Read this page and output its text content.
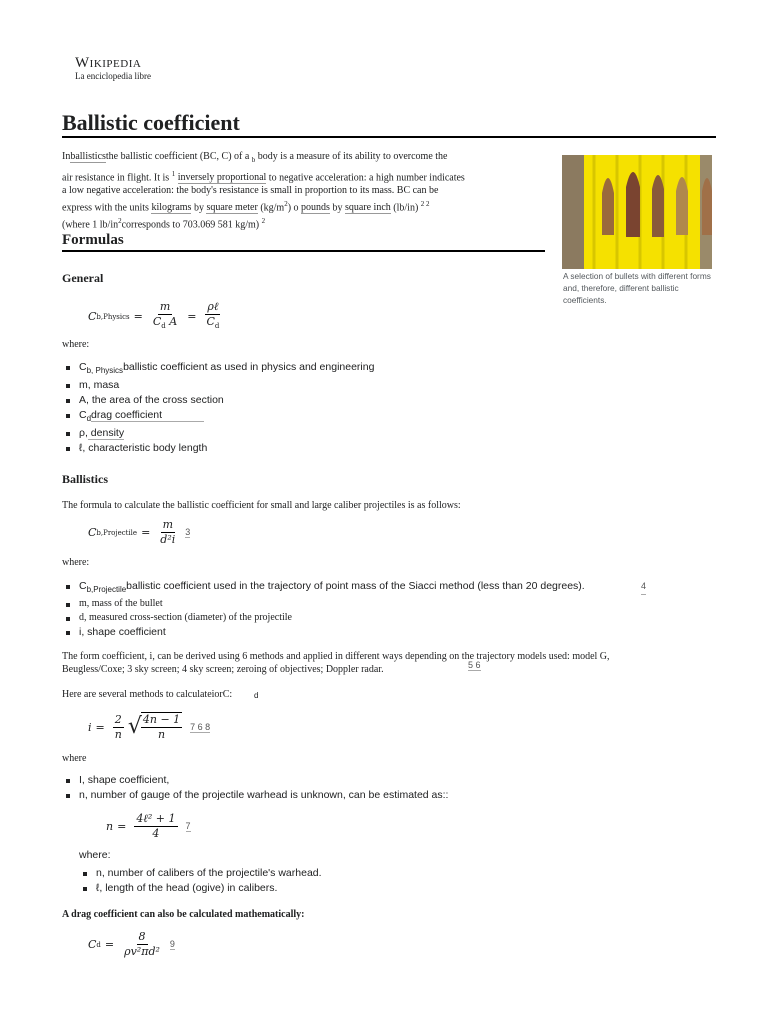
Wikipedia
La enciclopedia libre
Ballistic coefficient
Inballisticsthe ballistic coefficient (BC, C) of a $_b$ body is a measure of its ability to overcome the
air resistance in flight. It is $^1$ inversely proportional to negative acceleration: a high number indicates
a low negative acceleration: the body's resistance is small in proportion to its mass. BC can be
express with the units kilograms by square meter $(kg/m^2)$ o pounds by square inch (lb/in) $^{2 2}$
(where 1 $lb/in^2corresponds$ to 703.069 581 kg/m) $^2$
A selection of bullets with different forms and, therefore, different ballistic coefficients.
Formulas
General
C b,Physics = $\frac{m}{C_d A} = \frac{\text{ρℓ}}{C_d}$
where:
$C_{b, Physics}ballistic$ coefficient as used in physics and engineering
m, masa
A, the area of the cross section
$C_ddrag$ coefficient
ρ, density
ℓ, characteristic body length
Ballistics
The formula to calculate the ballistic coefficient for small and large caliber projectiles is as follows:
C b,Projectile = $\frac{m}{\text{d²i}} 3$
where:
$C_{b,Projectile}ballistic$ coefficient used in the trajectory of point mass of the Siacci method (less than 20 degrees).	4
m, mass of the bullet
d, measured cross-section (diameter) of the projectile
i, shape coefficient
The form coefficient, i, can be derived using 6 methods and applied in different ways depending on the trajectory models used: model G,
Beugless/Coxe; 3 sky screen; 4 sky screen; zeroing of objectives; Doppler radar.	5 6
Here are several methods to calculateiorC:	d
$i = \frac{2}{n}$ √ $\frac{4n - 1}{n} 7$ 6 8
where
I, shape coefficient,
n, number of gauge of the projectile warhead is unknown, can be estimated as::
$n = \frac{\text{4ℓ² + 1}}{4} 7$
where:
n, number of calibers of the projectile's warhead.
ℓ, length of the head (ogive) in calibers.
A drag coefficient can also be calculated mathematically:
C $d = \frac{8}{\text{ρv²πd²}} 9$
